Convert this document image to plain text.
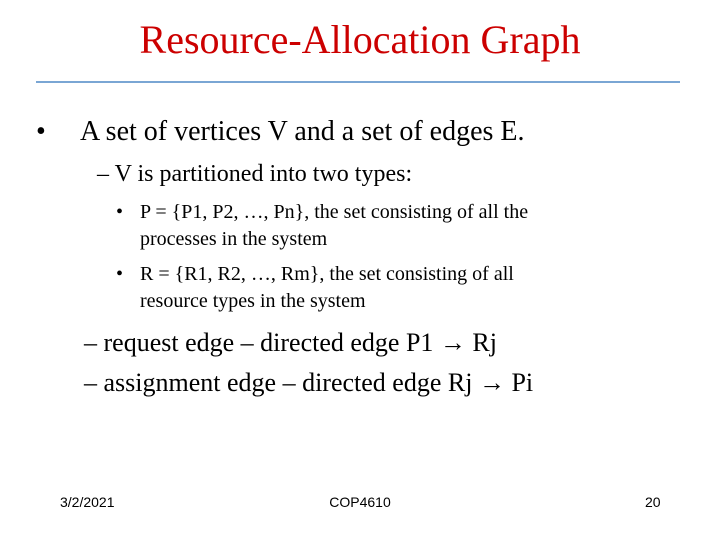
Resource-Allocation Graph
• A set of vertices V and a set of edges E.
– V is partitioned into two types:
• P = {P1, P2, …, Pn}, the set consisting of all the
processes in the system
• R = {R1, R2, …, Rm}, the set consisting of all
resource types in the system
– request edge – directed edge P1 → Rj
– assignment edge – directed edge Rj → Pi
3/2/2021	COP4610	20
